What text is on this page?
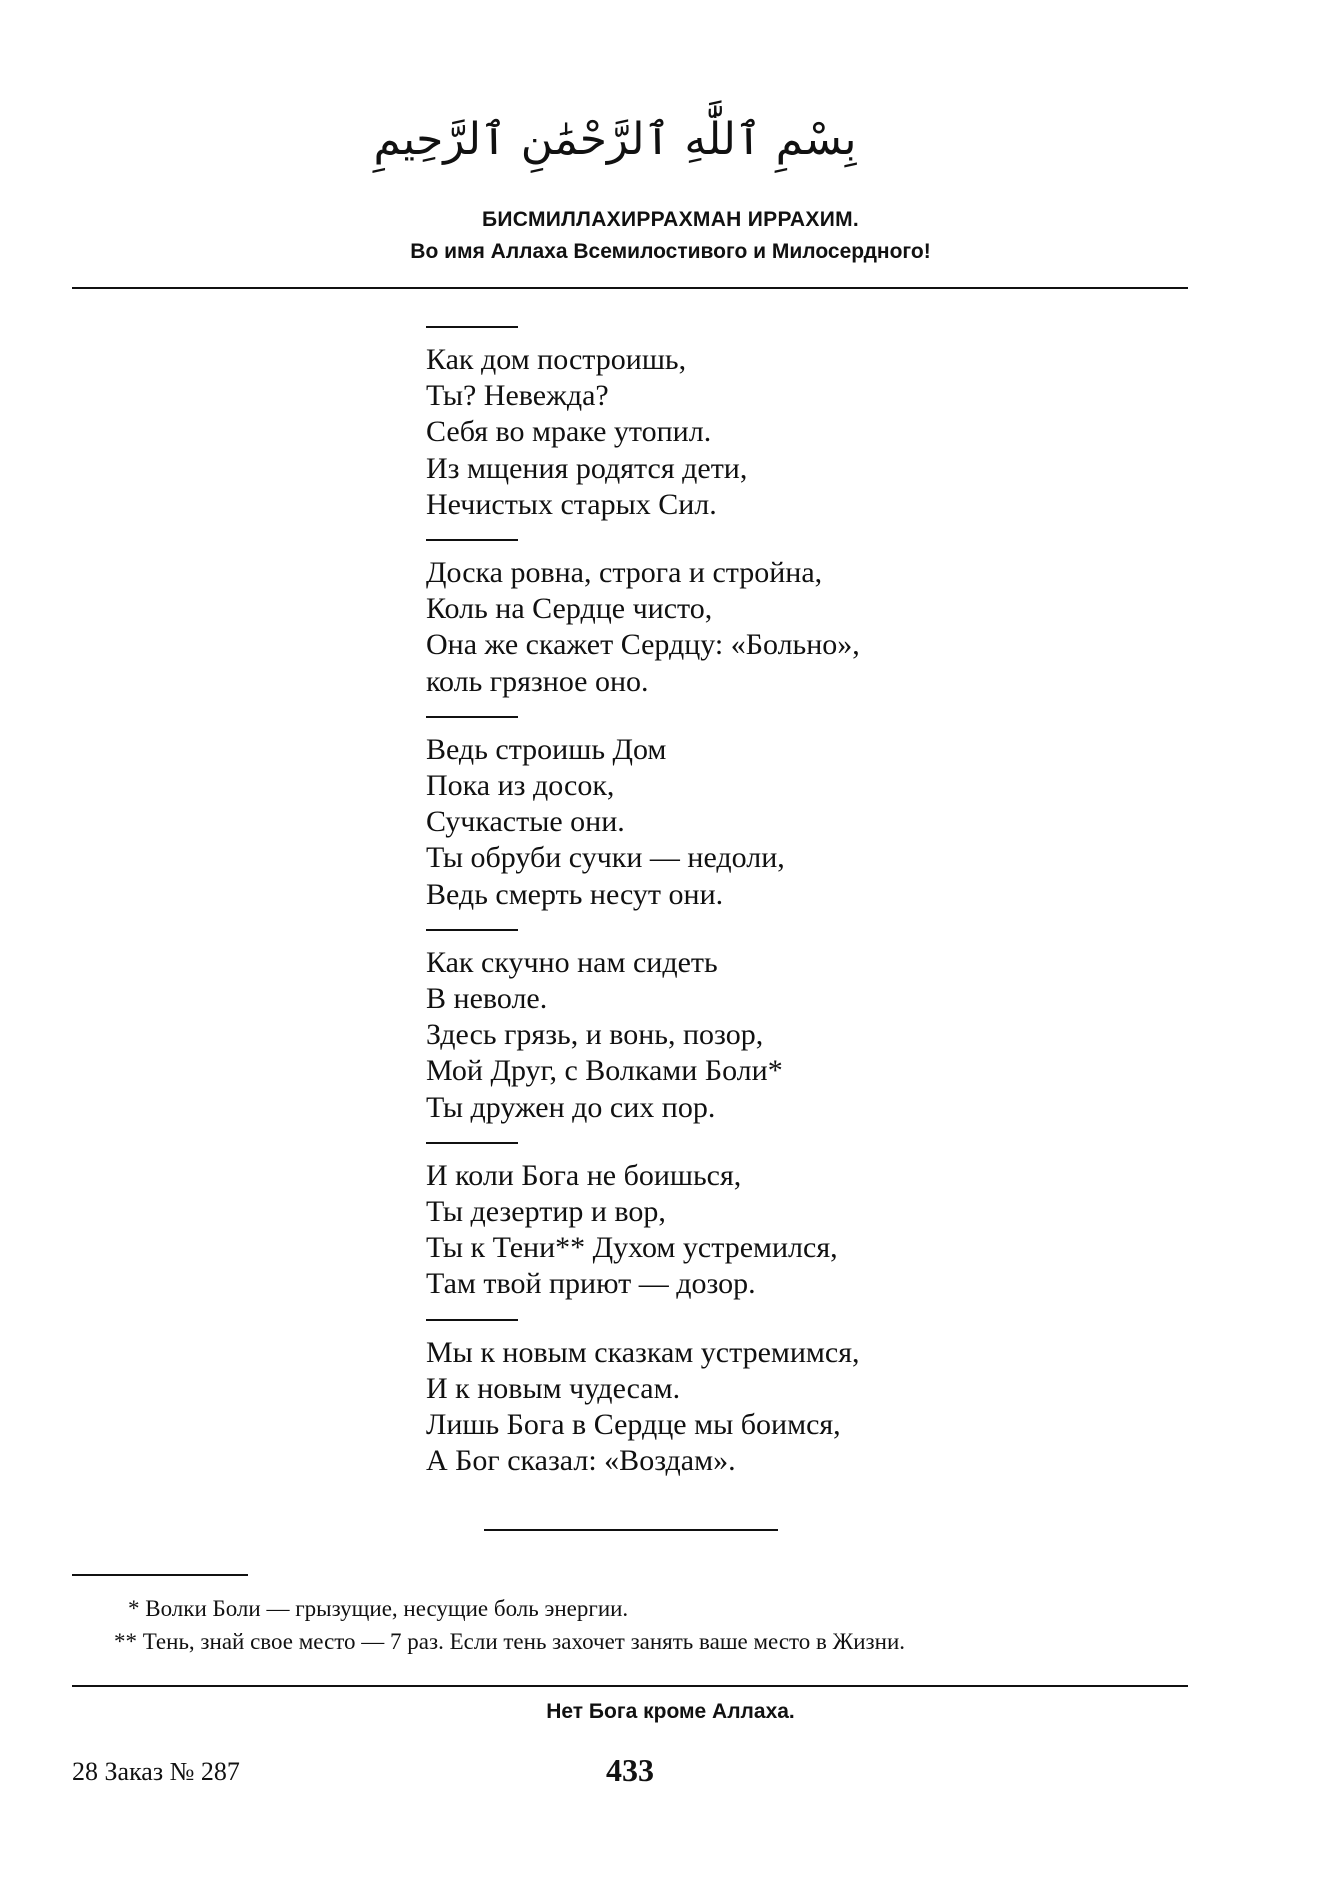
بِسْمِ ٱللَّٰهِ ٱلرَّحْمَٰنِ ٱلرَّحِيمِ
БИСМИЛЛАХИРРАХМАН ИРРАХИМ.
Во имя Аллаха Всемилостивого и Милосердного!

Как дом построишь,

Ты? Невежда?

Себя во мраке утопил.

Из мщения родятся дети,

Нечистых старых Сил.

Доска ровна, строга и стройна,

Коль на Сердце чисто,

Она же скажет Сердцу: «Больно»,

коль грязное оно.

Ведь строишь Дом

Пока из досок,

Сучкастые они.

Ты обруби сучки — недоли,

Ведь смерть несут они.

Как скучно нам сидеть

В неволе.

Здесь грязь, и вонь, позор,

Мой Друг, с Волками Боли*

Ты дружен до сих пор.

И коли Бога не боишься,

Ты дезертир и вор,

Ты к Тени** Духом устремился,

Там твой приют — дозор.

Мы к новым сказкам устремимся,

И к новым чудесам.

Лишь Бога в Сердце мы боимся,

А Бог сказал: «Воздам».

* Волки Боли — грызущие, несущие боль энергии.

** Тень, знай свое место — 7 раз. Если тень захочет занять ваше место в Жизни.

Нет Бога кроме Аллаха.
28 Заказ № 287	433
